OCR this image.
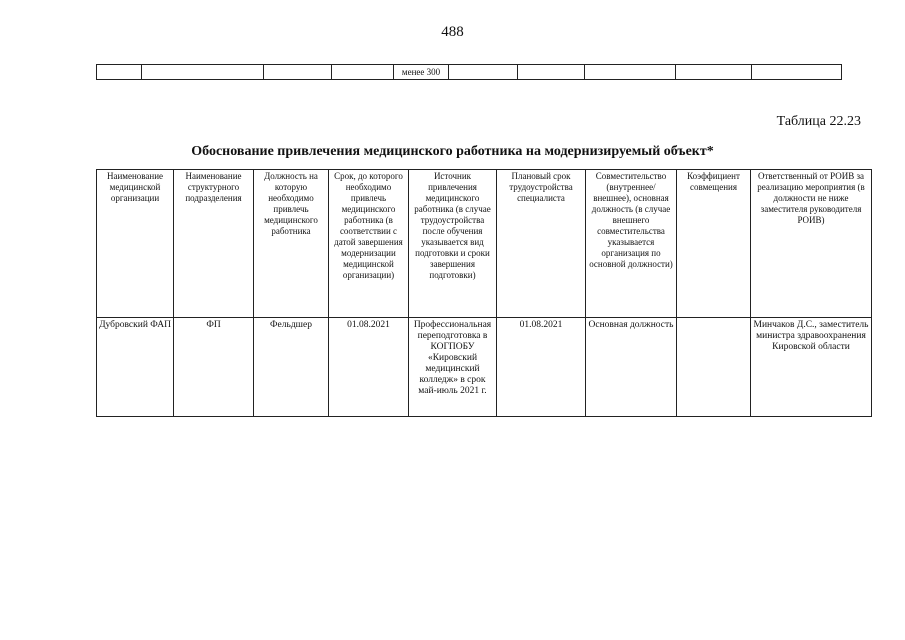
488
				менее 300					
Таблица 22.23
Обоснование привлечения медицинского работника на модернизируемый объект*
Наименование медицинской организации	Наименование структурного подразделения	Должность на которую необходимо привлечь медицинского работника	Срок, до которого необходимо привлечь медицинского работника (в соответствии с датой завершения модернизации медицинской организации)	Источник привлечения медицинского работника (в случае трудоустройства после обучения указывается вид подготовки и сроки завершения подготовки)	Плановый срок трудоустройства специалиста	Совместительство (внутреннее/внешнее), основная должность (в случае внешнего совместительства указывается организация по основной должности)	Коэффициент совмещения	Ответственный от РОИВ за реализацию мероприятия (в должности не ниже заместителя руководителя РОИВ)
Дубровский ФАП	ФП	Фельдшер	01.08.2021	Профессиональная переподготовка в КОГПОБУ «Кировский медицинский колледж» в срок май-июль 2021 г.	01.08.2021	Основная должность		Минчаков Д.С., заместитель министра здравоохранения Кировской области
